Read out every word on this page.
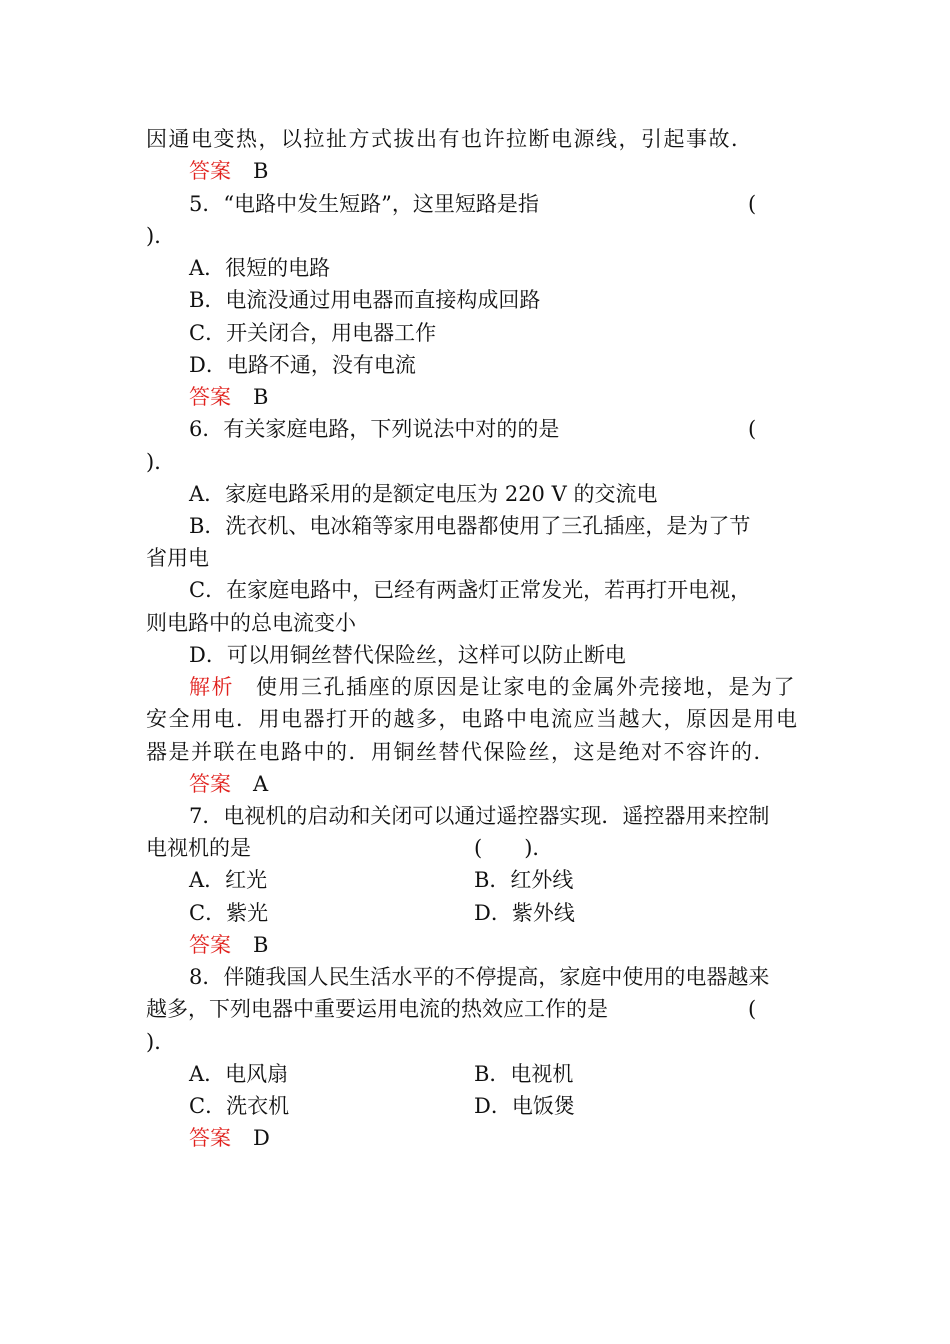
因通电变热，以拉扯方式拔出有也许拉断电源线，引起事故．
答案 B
5．“电路中发生短路”，这里短路是指	(
)．
A．很短的电路
B．电流没通过用电器而直接构成回路
C．开关闭合，用电器工作
D．电路不通，没有电流
答案 B
6．有关家庭电路，下列说法中对的的是	(
)．
A．家庭电路采用的是额定电压为 220 V 的交流电
B．洗衣机、电冰箱等家用电器都使用了三孔插座，是为了节
省用电
C．在家庭电路中，已经有两盏灯正常发光，若再打开电视，
则电路中的总电流变小
D．可以用铜丝替代保险丝，这样可以防止断电
解析 使用三孔插座的原因是让家电的金属外壳接地，是为了
安全用电．用电器打开的越多，电路中电流应当越大，原因是用电
器是并联在电路中的．用铜丝替代保险丝，这是绝对不容许的．
答案 A
7．电视机的启动和关闭可以通过遥控器实现．遥控器用来控制
电视机的是	(　　)．
A．红光	B．红外线
C．紫光	D．紫外线
答案 B
8．伴随我国人民生活水平的不停提高，家庭中使用的电器越来
越多，下列电器中重要运用电流的热效应工作的是	(
)．
A．电风扇	B．电视机
C．洗衣机	D．电饭煲
答案 D
